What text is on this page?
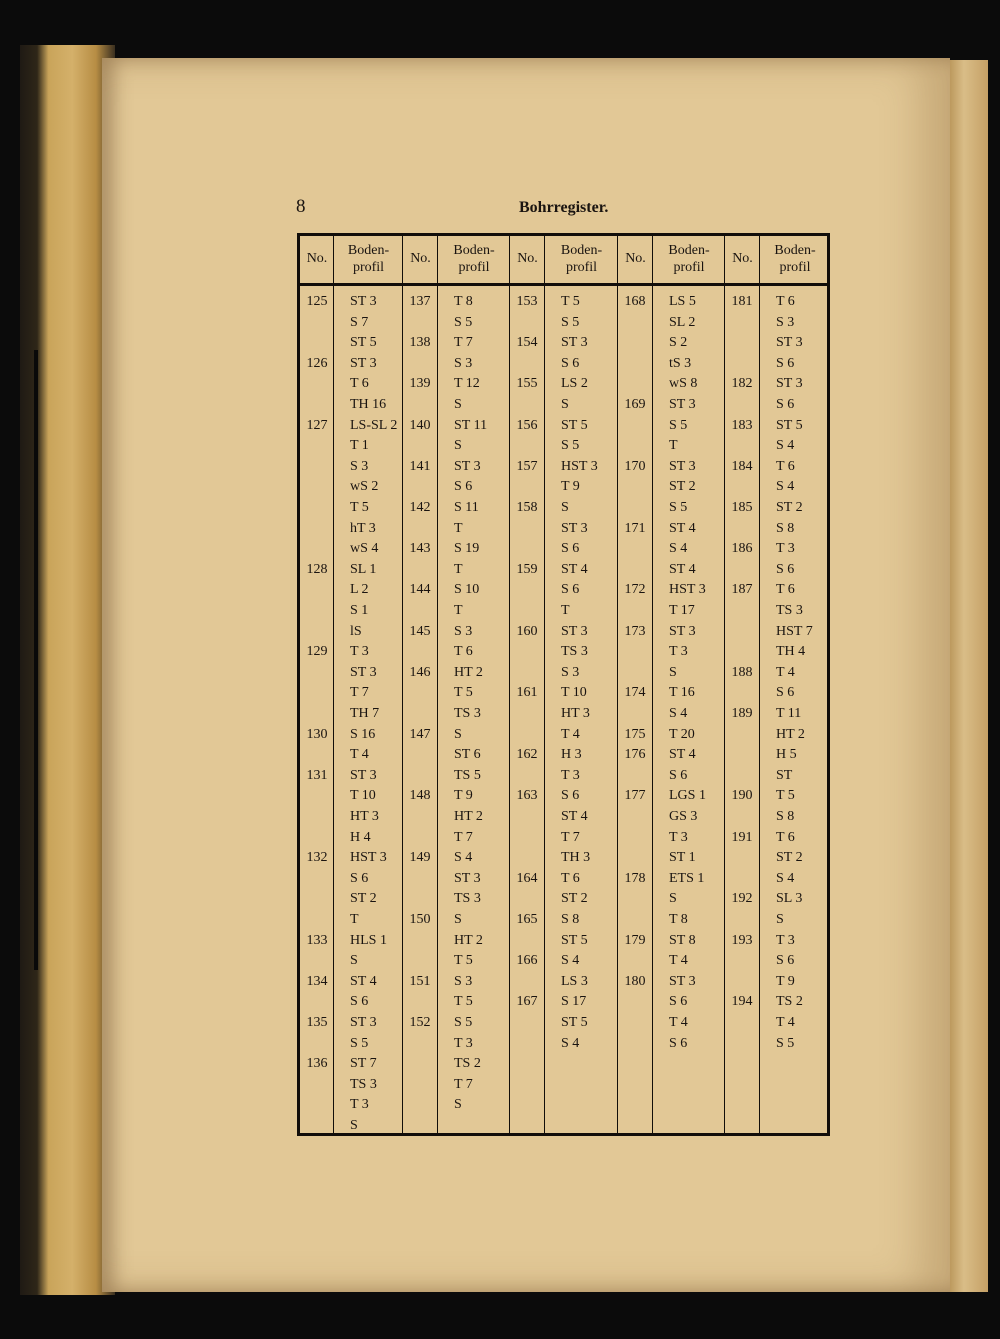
8	Bohrregister.
No.
Boden-
profil
No.
Boden-
profil
No.
Boden-
profil
No.
Boden-
profil
No.
Boden-
profil
125
126
127
128
129
130
131
132
133
134
135
136
ST 3
S 7
ST 5
ST 3
T 6
TH 16
LS-SL 2
T 1
S 3
wS 2
T 5
hT 3
wS 4
SL 1
L 2
S 1
lS
T 3
ST 3
T 7
TH 7
S 16
T 4
ST 3
T 10
HT 3
H 4
HST 3
S 6
ST 2
T
HLS 1
S
ST 4
S 6
ST 3
S 5
ST 7
TS 3
T 3
S
137
138
139
140
141
142
143
144
145
146
147
148
149
150
151
152
T 8
S 5
T 7
S 3
T 12
S
ST 11
S
ST 3
S 6
S 11
T
S 19
T
S 10
T
S 3
T 6
HT 2
T 5
TS 3
S
ST 6
TS 5
T 9
HT 2
T 7
S 4
ST 3
TS 3
S
HT 2
T 5
S 3
T 5
S 5
T 3
TS 2
T 7
S
153
154
155
156
157
158
159
160
161
162
163
164
165
166
167
T 5
S 5
ST 3
S 6
LS 2
S
ST 5
S 5
HST 3
T 9
S
ST 3
S 6
ST 4
S 6
T
ST 3
TS 3
S 3
T 10
HT 3
T 4
H 3
T 3
S 6
ST 4
T 7
TH 3
T 6
ST 2
S 8
ST 5
S 4
LS 3
S 17
ST 5
S 4
168
169
170
171
172
173
174
175
176
177
178
179
180
LS 5
SL 2
S 2
tS 3
wS 8
ST 3
S 5
T
ST 3
ST 2
S 5
ST 4
S 4
ST 4
HST 3
T 17
ST 3
T 3
S
T 16
S 4
T 20
ST 4
S 6
LGS 1
GS 3
T 3
ST 1
ETS 1
S
T 8
ST 8
T 4
ST 3
S 6
T 4
S 6
181
182
183
184
185
186
187
188
189
190
191
192
193
194
T 6
S 3
ST 3
S 6
ST 3
S 6
ST 5
S 4
T 6
S 4
ST 2
S 8
T 3
S 6
T 6
TS 3
HST 7
TH 4
T 4
S 6
T 11
HT 2
H 5
ST
T 5
S 8
T 6
ST 2
S 4
SL 3
S
T 3
S 6
T 9
TS 2
T 4
S 5
